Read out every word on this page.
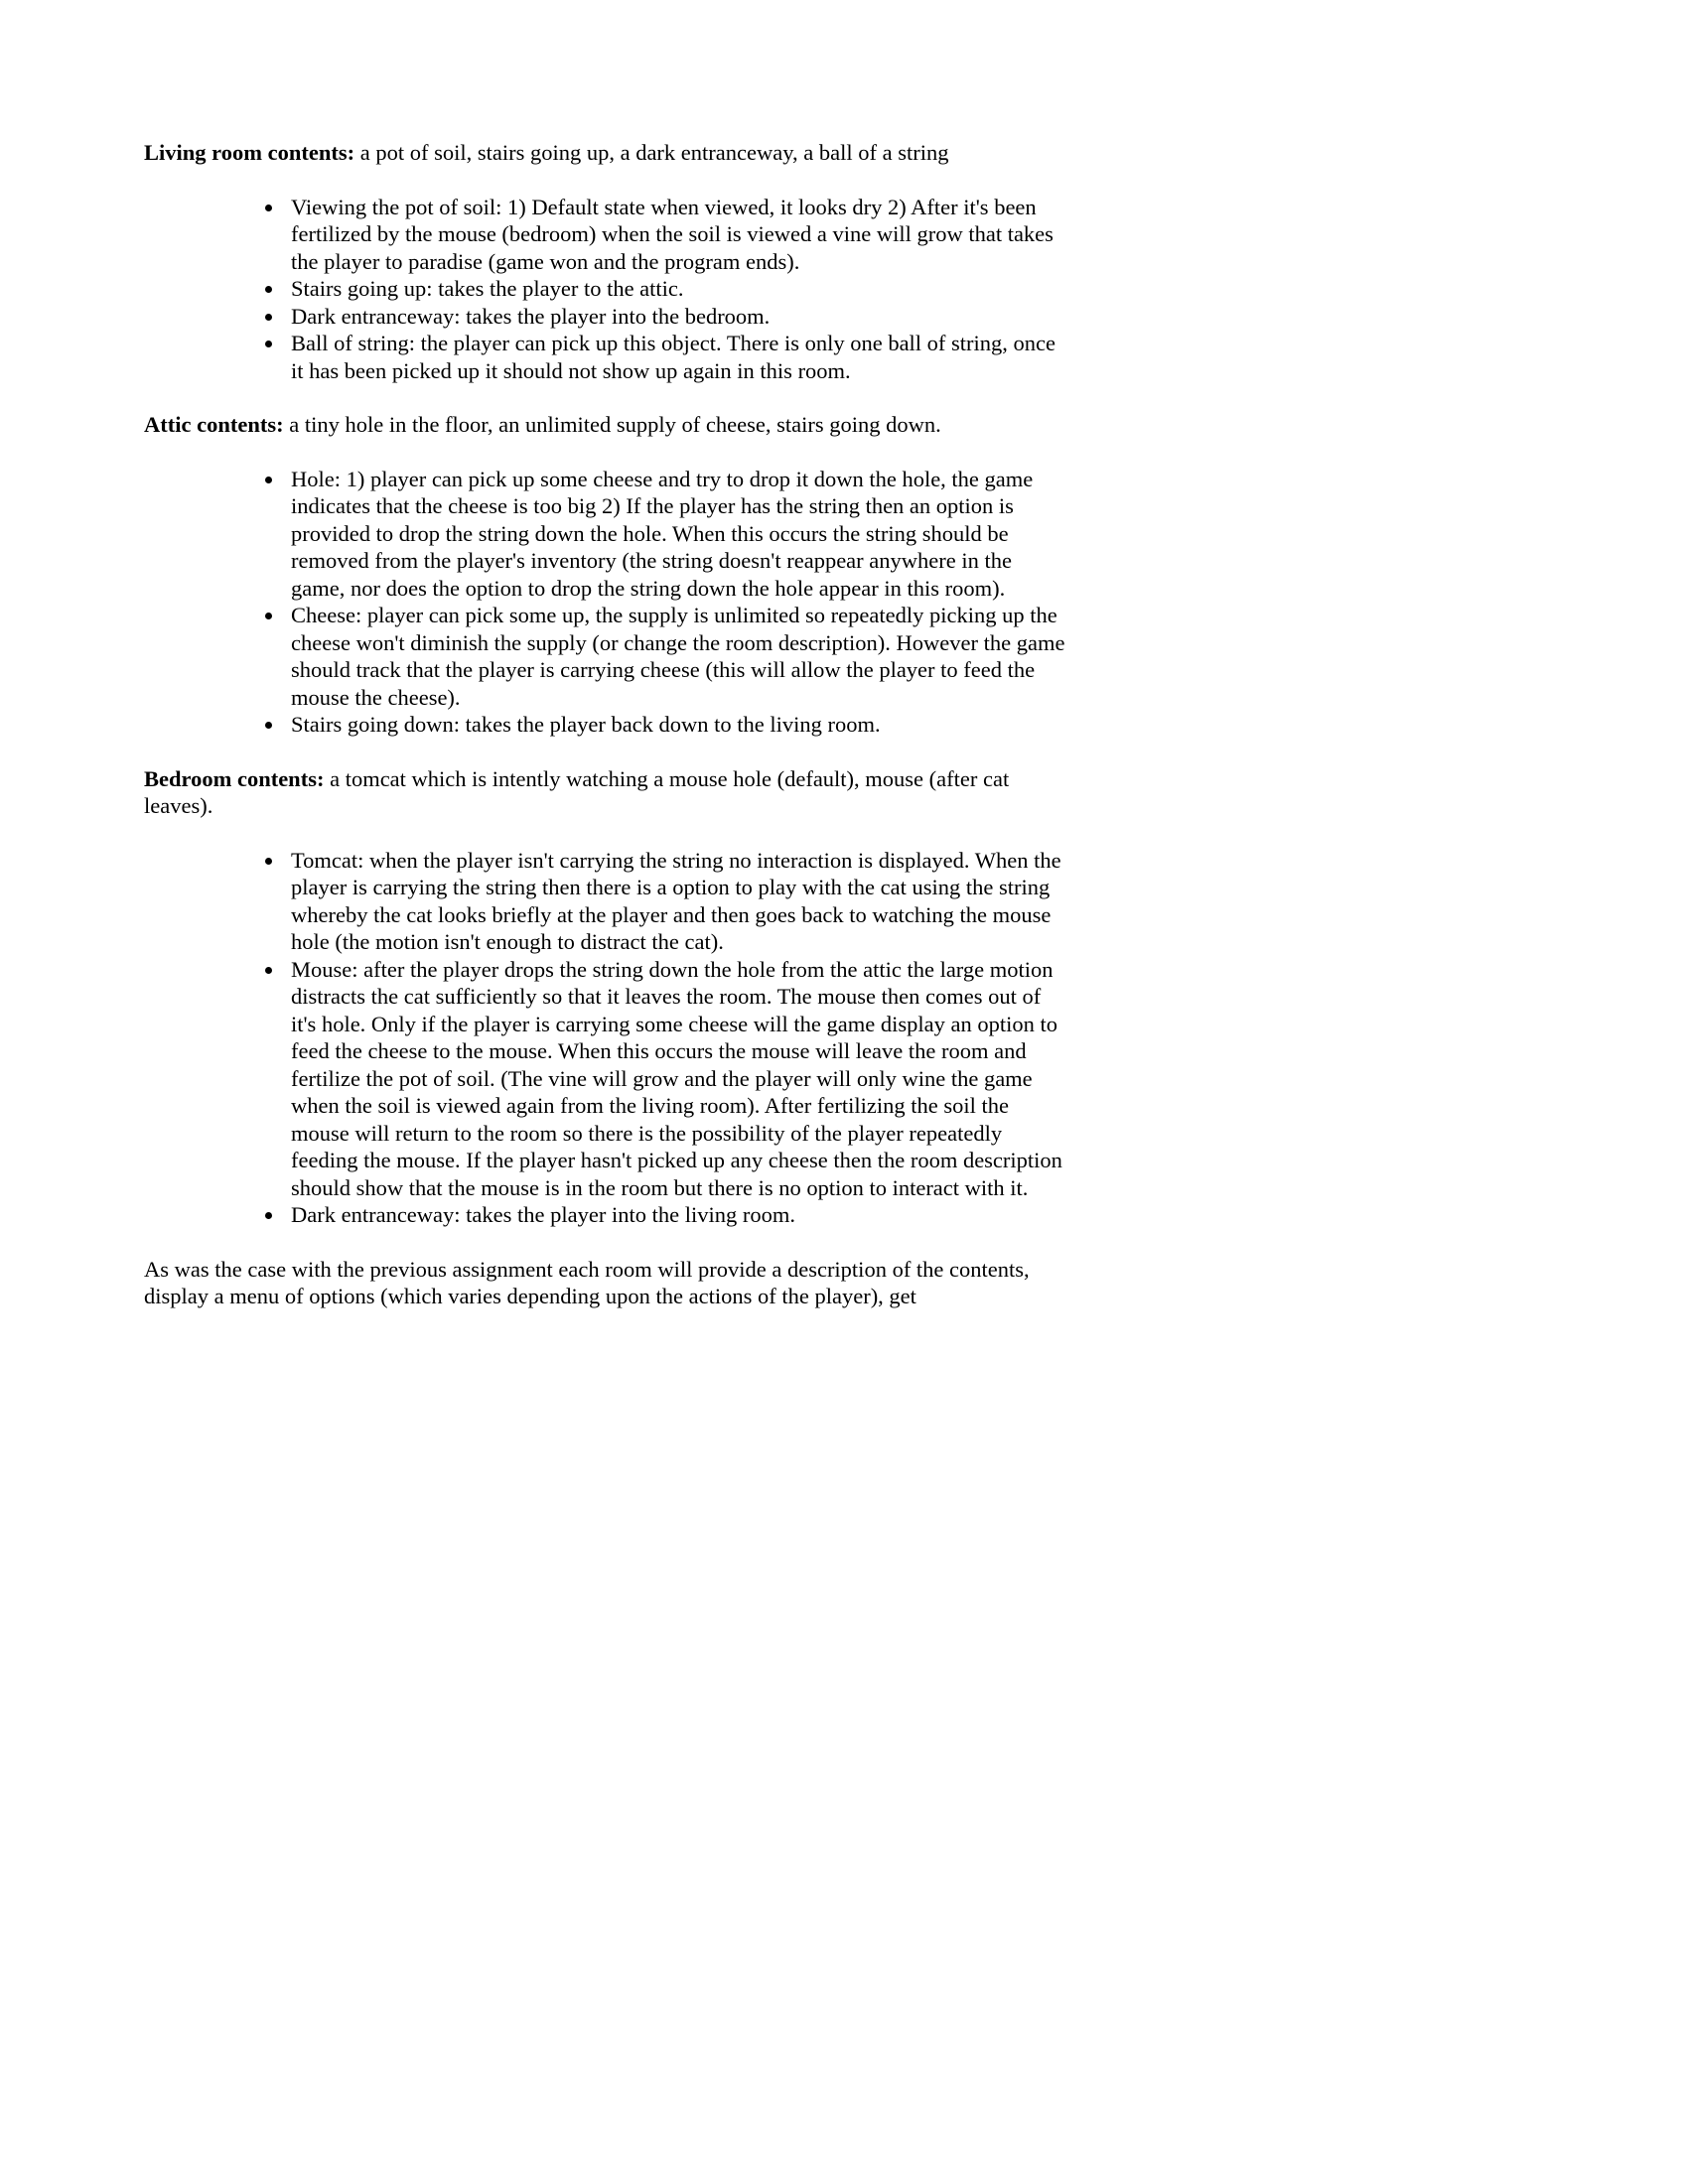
Living room contents: a pot of soil, stairs going up, a dark entranceway, a ball of a string

• Viewing the pot of soil: 1) Default state when viewed, it looks dry 2) After it's been fertilized by the mouse (bedroom) when the soil is viewed a vine will grow that takes the player to paradise (game won and the program ends).
• Stairs going up: takes the player to the attic.
• Dark entranceway: takes the player into the bedroom.
• Ball of string: the player can pick up this object. There is only one ball of string, once it has been picked up it should not show up again in this room.

Attic contents: a tiny hole in the floor, an unlimited supply of cheese, stairs going down.

• Hole: 1) player can pick up some cheese and try to drop it down the hole, the game indicates that the cheese is too big 2) If the player has the string then an option is provided to drop the string down the hole. When this occurs the string should be removed from the player's inventory (the string doesn't reappear anywhere in the game, nor does the option to drop the string down the hole appear in this room).
• Cheese: player can pick some up, the supply is unlimited so repeatedly picking up the cheese won't diminish the supply (or change the room description). However the game should track that the player is carrying cheese (this will allow the player to feed the mouse the cheese).
• Stairs going down: takes the player back down to the living room.

Bedroom contents: a tomcat which is intently watching a mouse hole (default), mouse (after cat leaves).

• Tomcat: when the player isn't carrying the string no interaction is displayed. When the player is carrying the string then there is a option to play with the cat using the string whereby the cat looks briefly at the player and then goes back to watching the mouse hole (the motion isn't enough to distract the cat).
• Mouse: after the player drops the string down the hole from the attic the large motion distracts the cat sufficiently so that it leaves the room. The mouse then comes out of it's hole. Only if the player is carrying some cheese will the game display an option to feed the cheese to the mouse. When this occurs the mouse will leave the room and fertilize the pot of soil. (The vine will grow and the player will only wine the game when the soil is viewed again from the living room). After fertilizing the soil the mouse will return to the room so there is the possibility of the player repeatedly feeding the mouse. If the player hasn't picked up any cheese then the room description should show that the mouse is in the room but there is no option to interact with it.
• Dark entranceway: takes the player into the living room.

As was the case with the previous assignment each room will provide a description of the contents, display a menu of options (which varies depending upon the actions of the player), get
